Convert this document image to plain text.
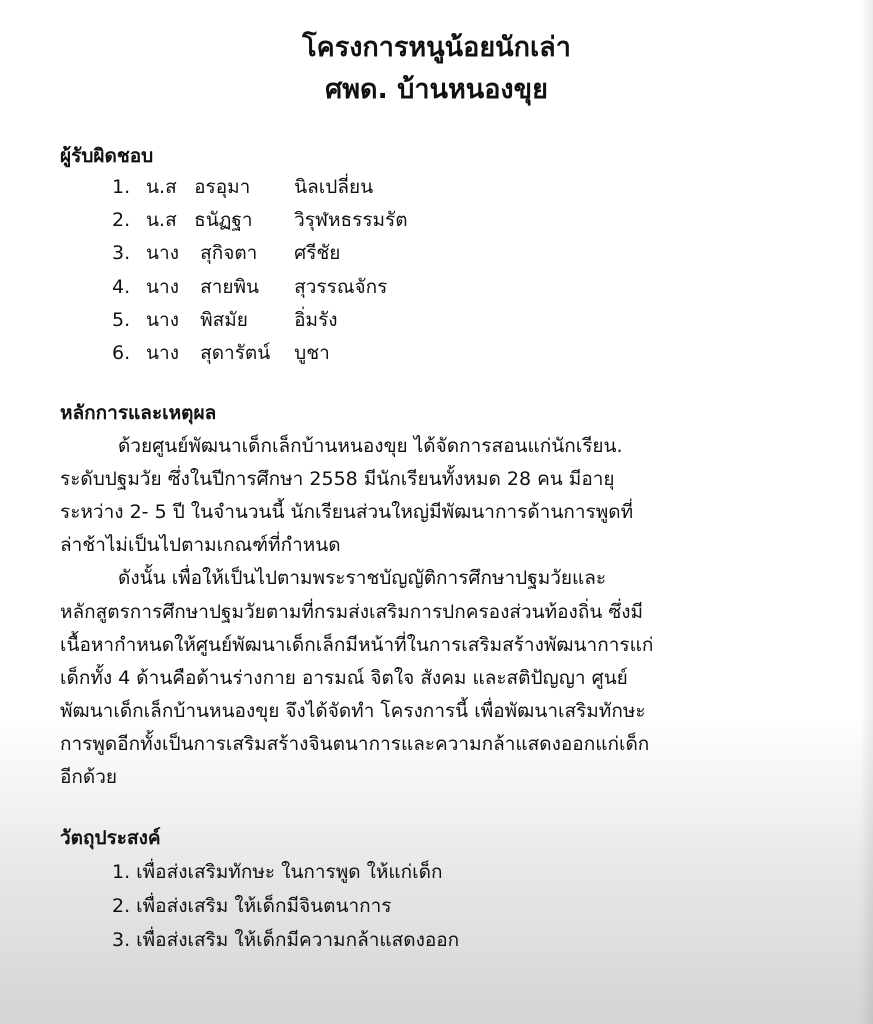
โครงการหนูน้อยนักเล่า
ศพด. บ้านหนองขุย
ผู้รับผิดชอบ
1. น.ส อรอุมา นิลเปลี่ยน
2. น.ส ธนัฏฐา วิรุฬหธรรมรัต
3. นาง สุกิจตา ศรีชัย
4. นาง สายพิน สุวรรณจักร
5. นาง พิสมัย อิ่มรัง
6. นาง สุดารัตน์ บูชา
หลักการและเหตุผล
ด้วยศูนย์พัฒนาเด็กเล็กบ้านหนองขุย ได้จัดการสอนแก่นักเรียน.
ระดับปฐมวัย ซึ่งในปีการศึกษา 2558 มีนักเรียนทั้งหมด 28 คน มีอายุ
ระหว่าง 2- 5 ปี ในจำนวนนี้ นักเรียนส่วนใหญ่มีพัฒนาการด้านการพูดที่
ล่าช้าไม่เป็นไปตามเกณฑ์ที่กำหนด
ดังนั้น เพื่อให้เป็นไปตามพระราชบัญญัติการศึกษาปฐมวัยและ
หลักสูตรการศึกษาปฐมวัยตามที่กรมส่งเสริมการปกครองส่วนท้องถิ่น ซึ่งมี
เนื้อหากำหนดให้ศูนย์พัฒนาเด็กเล็กมีหน้าที่ในการเสริมสร้างพัฒนาการแก่
เด็กทั้ง 4 ด้านคือด้านร่างกาย อารมณ์ จิตใจ สังคม และสติปัญญา ศูนย์
พัฒนาเด็กเล็กบ้านหนองขุย จึงได้จัดทำ โครงการนี้ เพื่อพัฒนาเสริมทักษะ
การพูดอีกทั้งเป็นการเสริมสร้างจินตนาการและความกล้าแสดงออกแก่เด็ก
อีกด้วย
วัตถุประสงค์
1. เพื่อส่งเสริมทักษะ ในการพูด ให้แก่เด็ก
2. เพื่อส่งเสริม ให้เด็กมีจินตนาการ
3. เพื่อส่งเสริม ให้เด็กมีความกล้าแสดงออก
